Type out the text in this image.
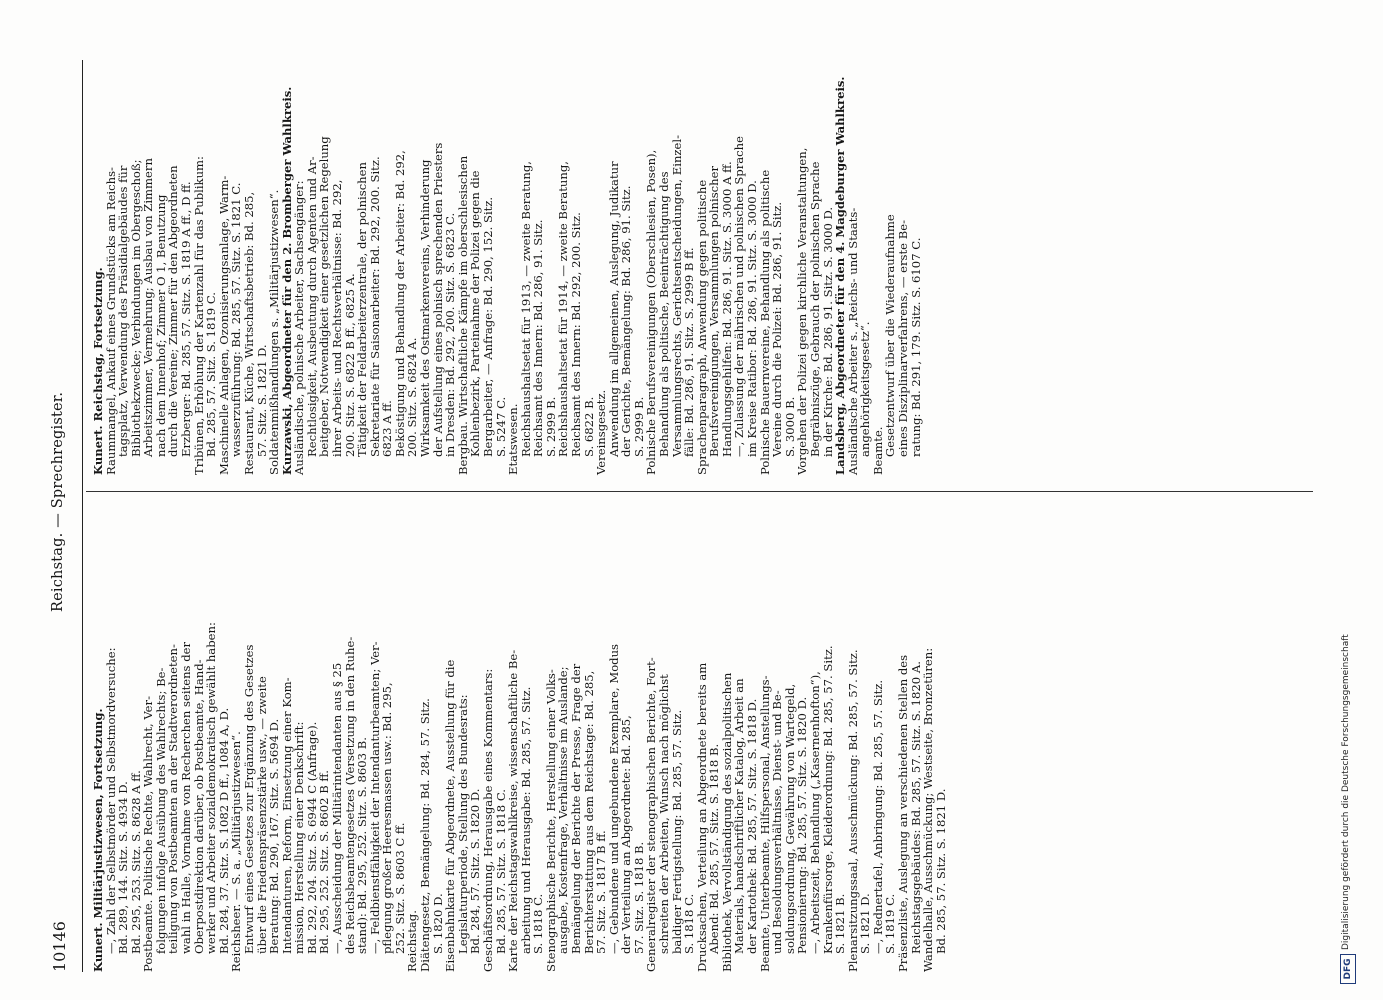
10146
Reichstag. — Sprechregister.

Kunert. Militärjustizwesen, Fortsetzung.

—, Zahl der Selbstmörder und Selbstmordversuche:

Bd. 289, 144. Sitz. S. 4934 D.

Bd. 295, 253. Sitz. S. 8628 A ff.

Postbeamte. Politische Rechte, Wahlrecht, Ver-

folgungen infolge Ausübung des Wahlrechts; Be-

teiligung von Postbeamten an der Stadtverordneten-

wahl in Halle, Vornahme von Recherchen seitens der

Oberpostdirektion darüber, ob Postbeamte, Hand-

werker und Arbeiter sozialdemokratisch gewählt haben:

Bd. 284, 37. Sitz. S. 1082 D ff., 1084 A, D.

Reichsheer. — S. a. „Militärjustizwesen“.

Entwurf eines Gesetzes zur Ergänzung des Gesetzes

über die Friedenspräsenzstärke usw., — zweite

Beratung: Bd. 290, 167. Sitz. S. 5694 D.

Intendanturen, Reform, Einsetzung einer Kom-

mission, Herstellung einer Denkschrift:

Bd. 292, 204. Sitz. S. 6944 C (Anfrage).

Bd. 295, 252. Sitz. S. 8602 B ff.

—, Ausscheidung der Militärintendanten aus § 25

des Reichsbeamtengesetzes (Versetzung in den Ruhe-

stand): Bd. 295, 252. Sitz. S. 8603 B.

—, Feldbienstfähigkeit der Intendanturbeamten; Ver-

pflegung großer Heeresmassen usw.: Bd. 295,

252. Sitz. S. 8603 C ff.

Reichstag.

Diätengesetz, Bemängelung: Bd. 284, 57. Sitz.

S. 1820 D.

Eisenbahnkarte für Abgeordnete, Ausstellung für die

Legislaturperiode, Stellung des Bundesrats:

Bd. 284, 57. Sitz. S. 1820 D.

Geschäftsordnung, Herausgabe eines Kommentars:

Bd. 285, 57. Sitz. S. 1818 C.

Karte der Reichstagswahlkreise, wissenschaftliche Be-

arbeitung und Herausgabe: Bd. 285, 57. Sitz.

S. 1818 C.

Stenographische Berichte, Herstellung einer Volks-

ausgabe, Kostenfrage, Verhältnisse im Auslande;

Bemängelung der Berichte der Presse, Frage der

Berichterstattung aus dem Reichstage: Bd. 285,

57. Sitz. S. 1817 B ff.

—, Gebundene und ungebundene Exemplare, Modus

der Verteilung an Abgeordnete: Bd. 285,

57. Sitz. S. 1818 B.

Generalregister der stenographischen Berichte, Fort-

schreiten der Arbeiten, Wunsch nach möglichst

baldiger Fertigstellung: Bd. 285, 57. Sitz.

S. 1818 C.

Drucksachen, Verteilung an Abgeordnete bereits am

Abend: Bd. 285, 57. Sitz. S. 1818 B.

Bibliothek, Vervollständigung des sozialpolitischen

Materials, handschriftlicher Katalog, Arbeit an

der Kartothek: Bd. 285, 57. Sitz. S. 1818 D.

Beamte, Unterbeamte, Hilfspersonal, Anstellungs-

und Besoldungsverhältnisse, Dienst- und Be-

soldungsordnung, Gewährung von Wartegeld,

Pensionierung: Bd. 285, 57. Sitz. S. 1820 D.

—, Arbeitszeit, Behandlung („Kasernenhofton“),

Krankenfürsorge, Kleiderordnung: Bd. 285, 57. Sitz.

S. 1821 B.

Plenarsitzungssaal, Ausschmückung: Bd. 285, 57. Sitz.

S. 1821 D.

—, Rednertafel, Anbringung: Bd. 285, 57. Sitz.

S. 1819 C.

Präsenzliste, Auslegung an verschiedenen Stellen des

Reichstagsgebäudes: Bd. 285, 57. Sitz. S. 1820 A.

Wandelhalle, Ausschmückung; Westseite, Bronzetüren:

Bd. 285, 57. Sitz. S. 1821 D.

Kunert. Reichstag, Fortsetzung.

Raummangel, Ankauf eines Grundstücks am Reichs-

tagsplatz, Verwendung des Präsidialgebäudes für

Bibliothekzwecke; Verbindungen im Obergeschoß;

Arbeitszimmer, Vermehrung; Ausbau von Zimmern

nach dem Innenhof; Zimmer O 1, Benutzung

durch die Vereine; Zimmer für den Abgeordneten

Erzberger: Bd. 285, 57. Sitz. S. 1819 A ff., D ff.

Tribünen, Erhöhung der Kartenzahl für das Publikum:

Bd. 285, 57. Sitz. S. 1819 C.

Maschinelle Anlagen, Ozonisierungsanlage, Warm-

wasserzuführung: Bd. 285, 57. Sitz. S. 1821 C.

Restaurant, Küche, Wirtschaftsbetrieb: Bd. 285,

57. Sitz. S. 1821 D.

Soldatenmißhandlungen s. „Militärjustizwesen“.

Kurzawski, Abgeordneter für den 2. Bromberger Wahlkreis.

Ausländische, polnische Arbeiter, Sachsengänger:

Rechtlosigkeit, Ausbeutung durch Agenten und Ar-

beitgeber, Notwendigkeit einer gesetzlichen Regelung

ihrer Arbeits- und Rechtsverhältnisse: Bd. 292,

200. Sitz. S. 6822 B ff., 6825 A.

Tätigkeit der Feldarbeiterzentrale, der polnischen

Sekretariate für Saisonarbeiter: Bd. 292, 200. Sitz.

6823 A ff.

Beköstigung und Behandlung der Arbeiter: Bd. 292,

200. Sitz. S. 6824 A.

Wirksamkeit des Ostmarkenvereins, Verhinderung

der Aufstellung eines polnisch sprechenden Priesters

in Dresden: Bd. 292, 200. Sitz. S. 6823 C.

Bergbau. Wirtschaftliche Kämpfe im oberschlesischen

Kohlenbezirk, Parteinahme der Polizei gegen die

Bergarbeiter, — Anfrage: Bd. 290, 152. Sitz.

S. 5247 C.

Etatswesen.

Reichshaushaltsetat für 1913, — zweite Beratung,

Reichsamt des Innern: Bd. 286, 91. Sitz.

S. 2999 B.

Reichshaushaltsetat für 1914, — zweite Beratung,

Reichsamt des Innern: Bd. 292, 200. Sitz.

S. 6822 B.

Vereinsgesetz.

Anwendung im allgemeinen, Auslegung, Judikatur

der Gerichte, Bemängelung: Bd. 286, 91. Sitz.

S. 2999 B.

Polnische Berufsvereinigungen (Oberschlesien, Posen),

Behandlung als politische, Beeinträchtigung des

Versammlungsrechts, Gerichtsentscheidungen, Einzel-

fälle: Bd. 286, 91. Sitz. S. 2999 B ff.

Sprachenparagraph, Anwendung gegen politische

Berufsvereinigungen, Versammlungen polnischer

Handlungsgehilfen: Bd. 286, 91. Sitz. S. 3000 A ff.

—, Zulassung der mährischen und polnischen Sprache

im Kreise Ratibor: Bd. 286, 91. Sitz. S. 3000 D.

Polnische Bauernvereine, Behandlung als politische

Vereine durch die Polizei: Bd. 286, 91. Sitz.

S. 3000 B.

Vorgehen der Polizei gegen kirchliche Veranstaltungen,

Begräbniszüge, Gebrauch der polnischen Sprache

in der Kirche: Bd. 286, 91. Sitz. S. 3000 D.

Landsberg, Abgeordneter für den 4. Magdeburger Wahlkreis.

Ausländische Arbeiter s. „Reichs- und Staats-

angehörigkeitsgesetz“.

Beamte.

Gesetzentwurf über die Wiederaufnahme

eines Disziplinarverfahrens, — erste Be-

ratung: Bd. 291, 179. Sitz. S. 6107 C.

DFG
Digitalisierung gefördert durch die Deutsche Forschungsgemeinschaft
